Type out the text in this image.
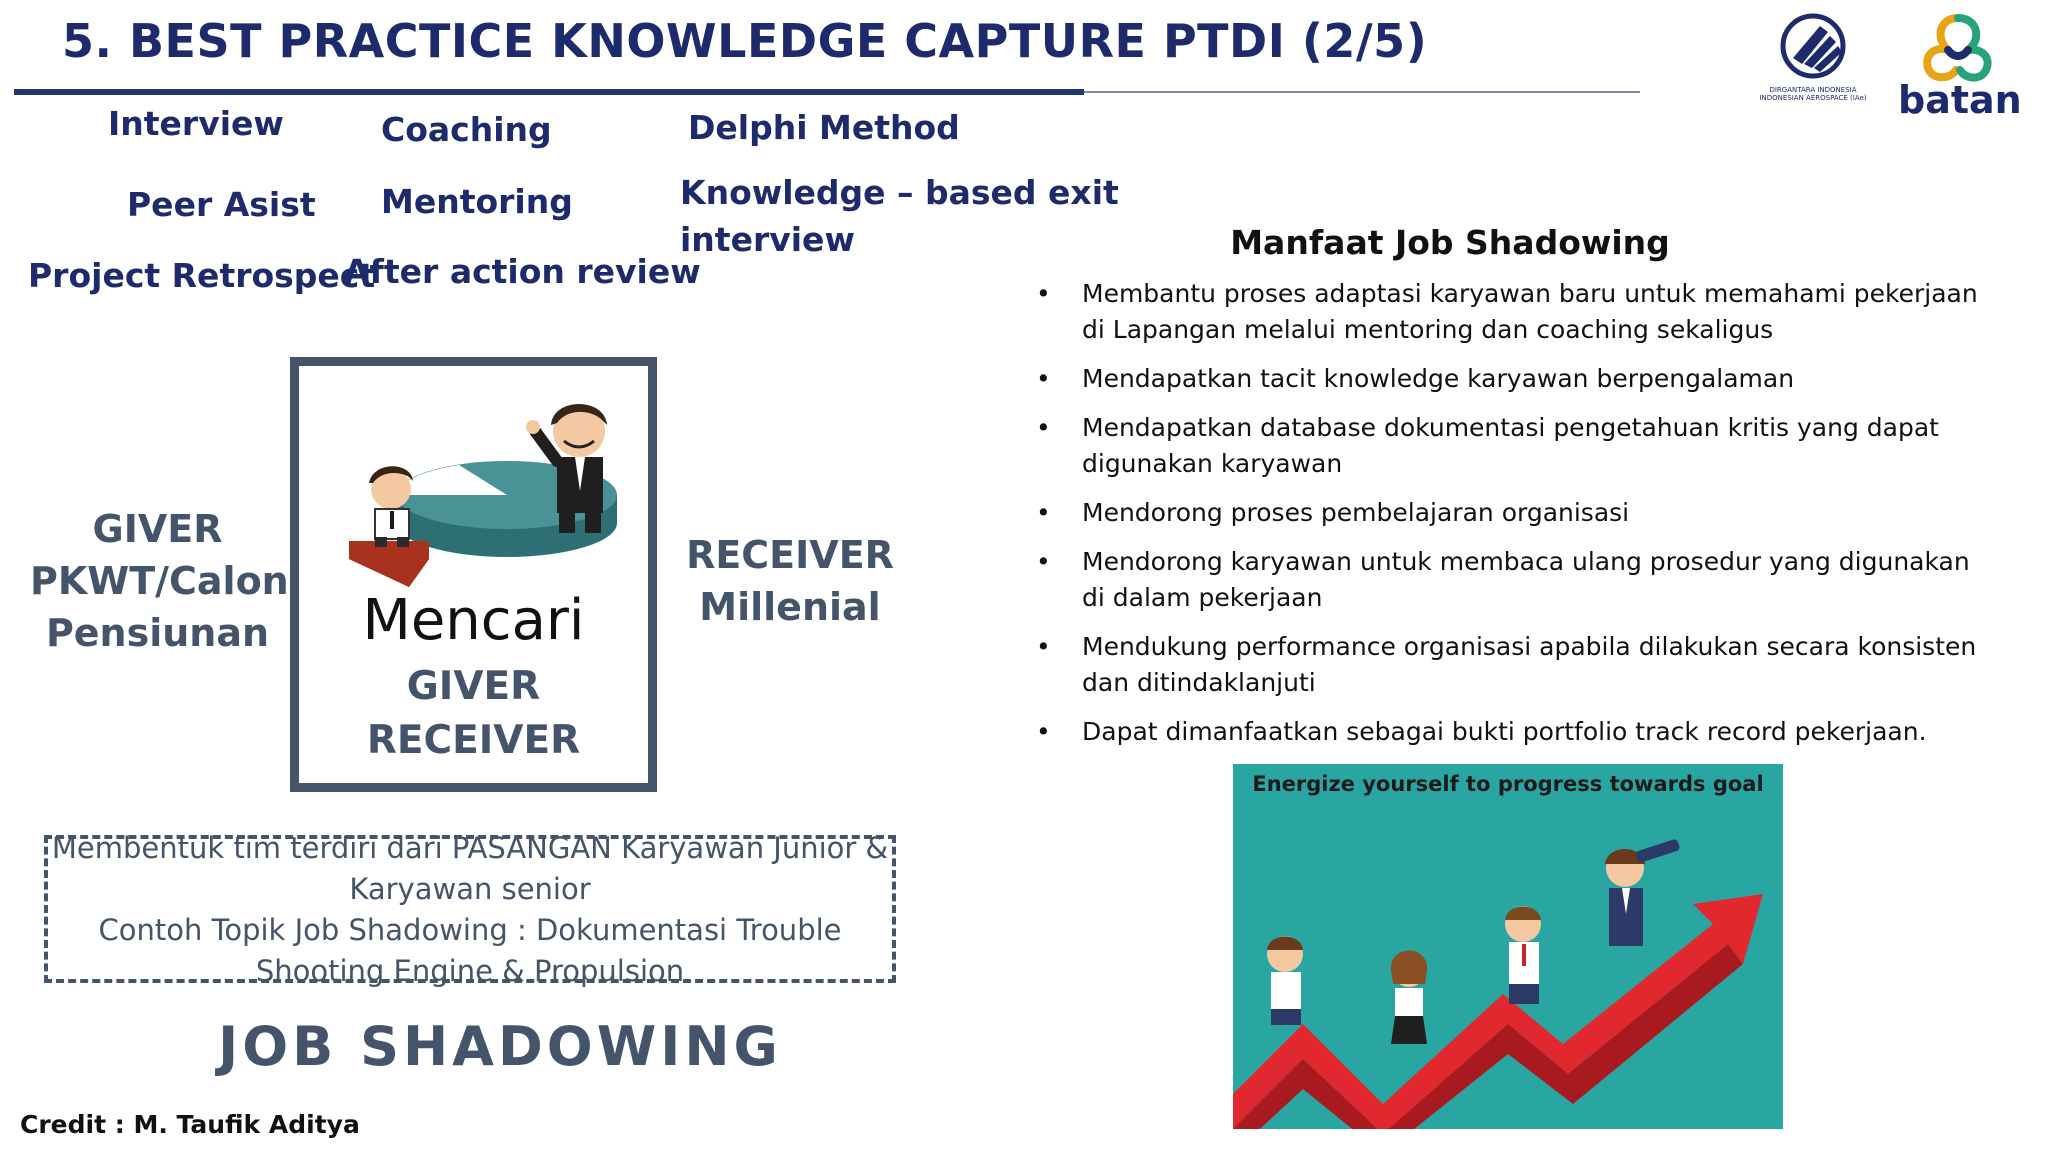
5. BEST PRACTICE KNOWLEDGE CAPTURE PTDI (2/5)
DIRGANTARA INDONESIA
INDONESIAN AEROSPACE (IAe) batan
Interview	Coaching	Delphi Method
Peer Asist Mentoring	Knowledge – based exit
interview
Project Retrospect
After action review
GIVER
PKWT/Calon
Pensiunan
RECEIVER
Millenial
Mencari
GIVER
RECEIVER
Membentuk tim terdiri dari PASANGAN Karyawan Junior &
Karyawan senior
Contoh Topik Job Shadowing : Dokumentasi Trouble
Shooting Engine & Propulsion
JOB SHADOWING
Credit : M. Taufik Aditya
Manfaat Job Shadowing
• Membantu proses adaptasi karyawan baru untuk memahami pekerjaan di Lapangan melalui mentoring dan coaching sekaligus
• Mendapatkan tacit knowledge karyawan berpengalaman
• Mendapatkan database dokumentasi pengetahuan kritis yang dapat digunakan karyawan
• Mendorong proses pembelajaran organisasi
• Mendorong karyawan untuk membaca ulang prosedur yang digunakan di dalam pekerjaan
• Mendukung performance organisasi apabila dilakukan secara konsisten dan ditindaklanjuti
• Dapat dimanfaatkan sebagai bukti portfolio track record pekerjaan.
Energize yourself to progress towards goal
